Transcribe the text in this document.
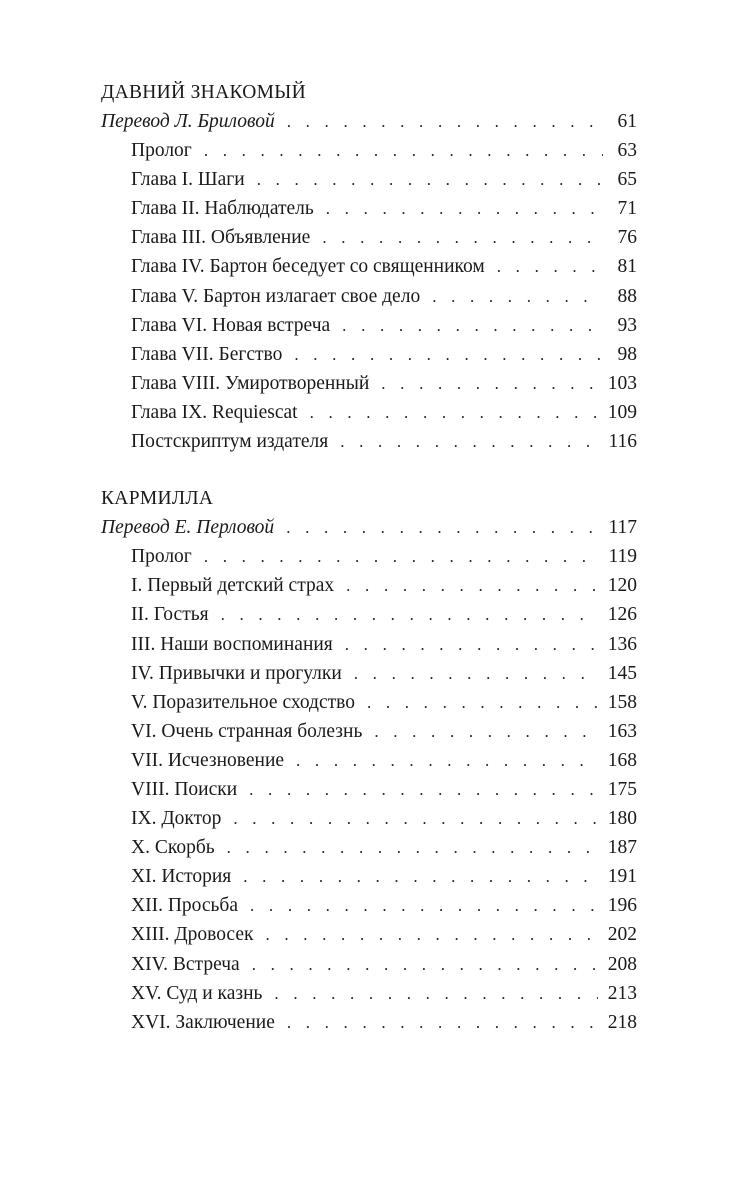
ДАВНИЙ ЗНАКОМЫЙ
Перевод Л. Бриловой . . .	61
Пролог . . .	63
Глава I. Шаги . . .	65
Глава II. Наблюдатель . . .	71
Глава III. Объявление . . .	76
Глава IV. Бартон беседует со священником . . .	81
Глава V. Бартон излагает свое дело . . .	88
Глава VI. Новая встреча . . .	93
Глава VII. Бегство . . .	98
Глава VIII. Умиротворенный . . .	103
Глава IX. Requiescat . . .	109
Постскриптум издателя . . .	116
КАРМИЛЛА
Перевод Е. Перловой . . .	117
Пролог . . .	119
I. Первый детский страх . . .	120
II. Гостья . . .	126
III. Наши воспоминания . . .	136
IV. Привычки и прогулки . . .	145
V. Поразительное сходство . . .	158
VI. Очень странная болезнь . . .	163
VII. Исчезновение . . .	168
VIII. Поиски . . .	175
IX. Доктор . . .	180
X. Скорбь . . .	187
XI. История . . .	191
XII. Просьба . . .	196
XIII. Дровосек . . .	202
XIV. Встреча . . .	208
XV. Суд и казнь . . .	213
XVI. Заключение . . .	218
